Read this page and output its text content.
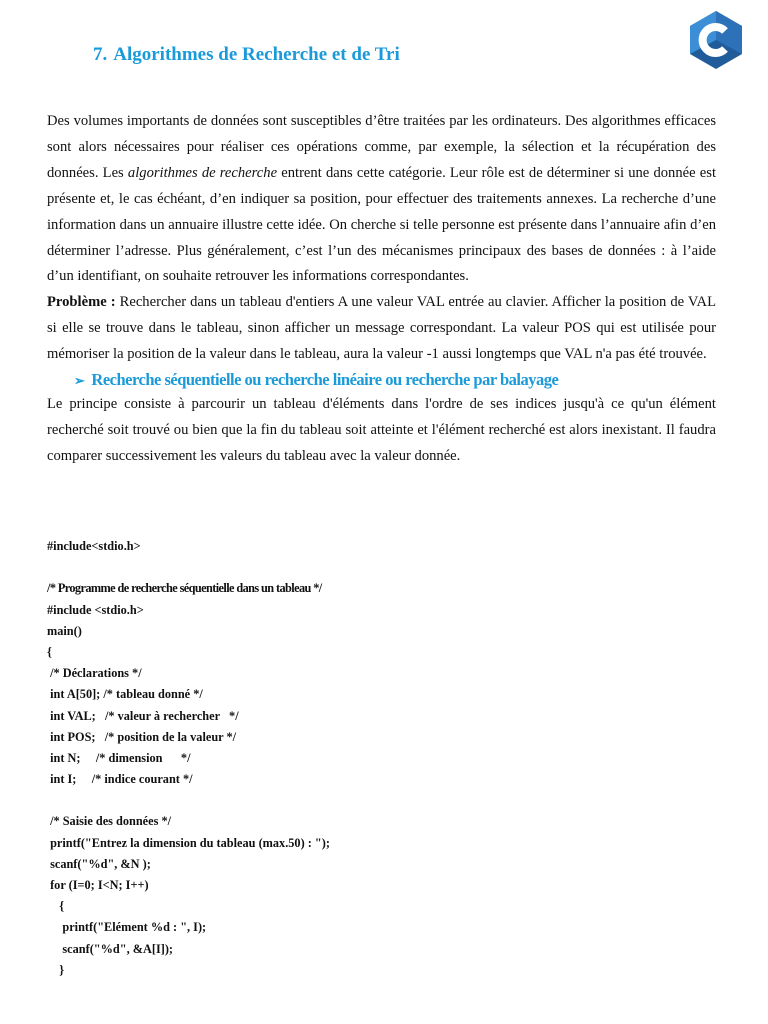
7. Algorithmes de Recherche et de Tri

Des volumes importants de données sont susceptibles d’être traitées par les ordinateurs. Des algorithmes efficaces sont alors nécessaires pour réaliser ces opérations comme, par exemple, la sélection et la récupération des données. Les algorithmes de recherche entrent dans cette catégorie. Leur rôle est de déterminer si une donnée est présente et, le cas échéant, d’en indiquer sa position, pour effectuer des traitements annexes. La recherche d’une information dans un annuaire illustre cette idée. On cherche si telle personne est présente dans l’annuaire afin d’en déterminer l’adresse. Plus généralement, c’est l’un des mécanismes principaux des bases de données : à l’aide d’un identifiant, on souhaite retrouver les informations correspondantes.

Problème : Rechercher dans un tableau d'entiers A une valeur VAL entrée au clavier. Afficher la position de VAL si elle se trouve dans le tableau, sinon afficher un message correspondant. La valeur POS qui est utilisée pour mémoriser la position de la valeur dans le tableau, aura la valeur -1 aussi longtemps que VAL n'a pas été trouvée.

➢ Recherche séquentielle ou recherche linéaire ou recherche par balayage

Le principe consiste à parcourir un tableau d'éléments dans l'ordre de ses indices jusqu'à ce qu'un élément recherché soit trouvé ou bien que la fin du tableau soit atteinte et l'élément recherché est alors inexistant. Il faudra comparer successivement les valeurs du tableau avec la valeur donnée.

#include<stdio.h>
/* Programme de recherche séquentielle dans un tableau */
#include <stdio.h>
main()
{
/* Déclarations */
int A[50]; /* tableau donné */
int VAL;   /* valeur à rechercher   */
int POS;   /* position de la valeur */
int N;     /* dimension      */
int I;     /* indice courant */
/* Saisie des données */
printf("Entrez la dimension du tableau (max.50) : ");
scanf("%d", &N );
for (I=0; I<N; I++)
{
printf("Elément %d : ", I);
scanf("%d", &A[I]);
}
